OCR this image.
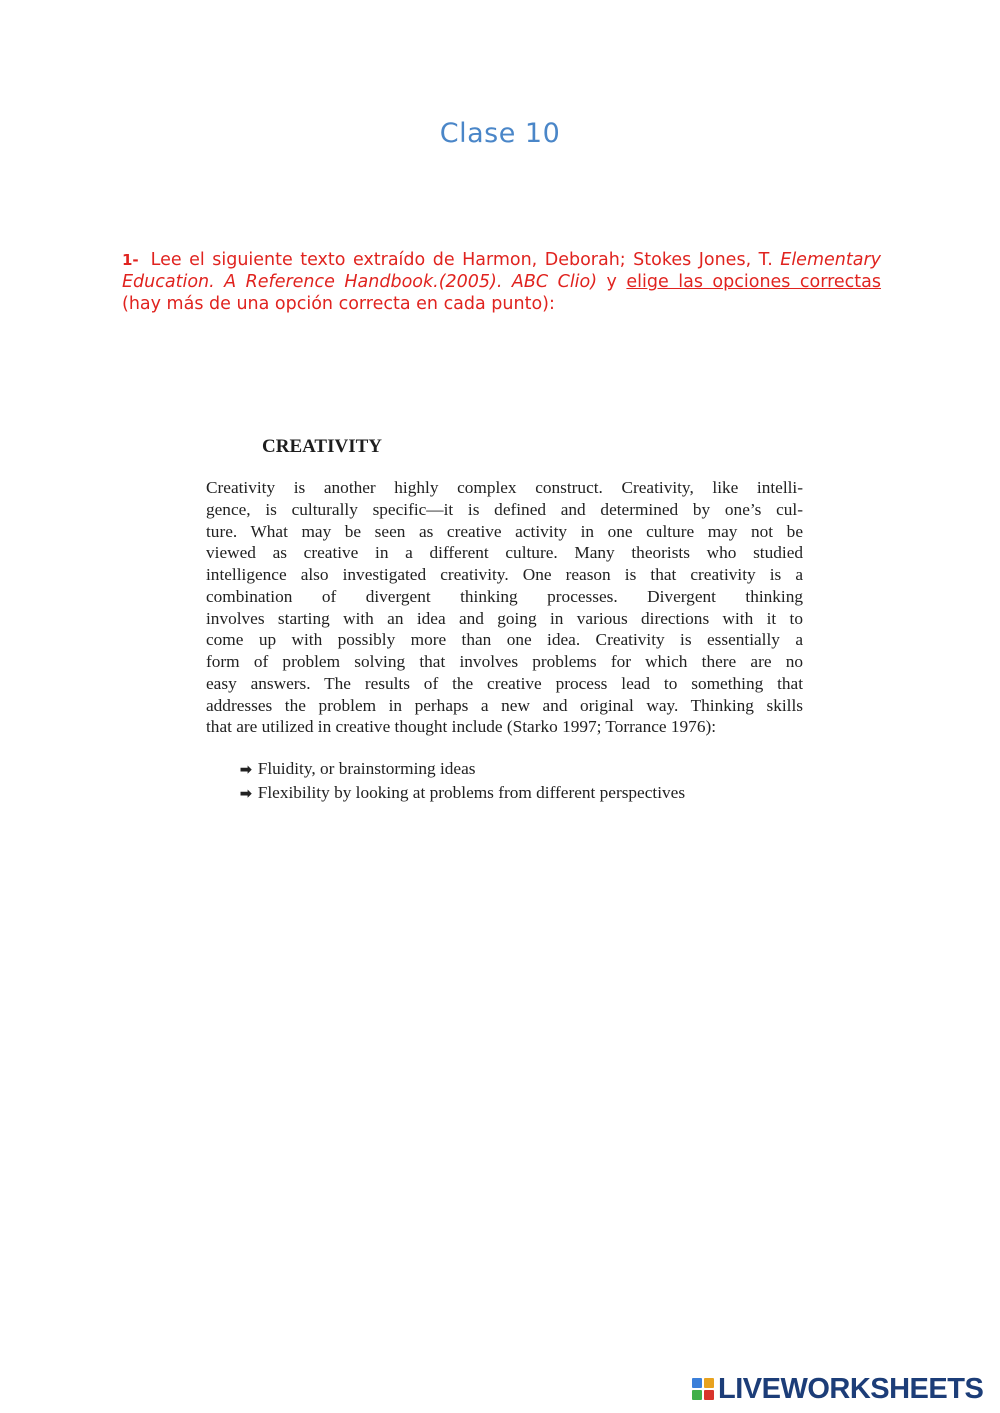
Clase 10
1- Lee el siguiente texto extraído de Harmon, Deborah; Stokes Jones, T. Elementary Education. A Reference Handbook.(2005). ABC Clio) y elige las opciones correctas (hay más de una opción correcta en cada punto):
CREATIVITY

Creativity is another highly complex construct. Creativity, like intelli-

gence, is culturally specific—it is defined and determined by one’s cul-

ture. What may be seen as creative activity in one culture may not be

viewed as creative in a different culture. Many theorists who studied

intelligence also investigated creativity. One reason is that creativity is a

combination of divergent thinking processes. Divergent thinking

involves starting with an idea and going in various directions with it to

come up with possibly more than one idea. Creativity is essentially a

form of problem solving that involves problems for which there are no

easy answers. The results of the creative process lead to something that

addresses the problem in perhaps a new and original way. Thinking skills

that are utilized in creative thought include (Starko 1997; Torrance 1976):

➡ Fluidity, or brainstorming ideas
➡ Flexibility by looking at problems from different perspectives
LIVEWORKSHEETS
